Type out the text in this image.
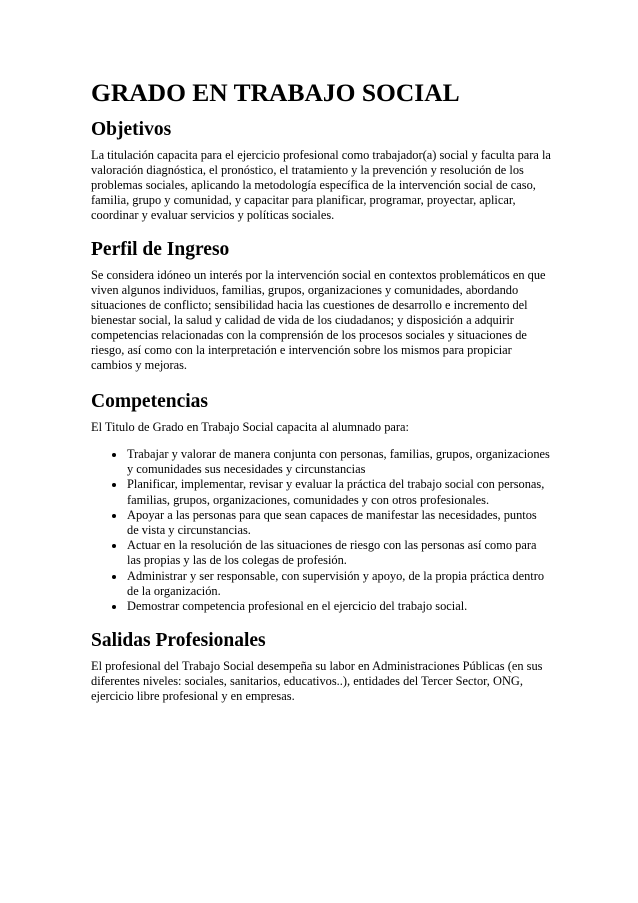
GRADO EN TRABAJO SOCIAL
Objetivos

La titulación capacita para el ejercicio profesional como trabajador(a) social y faculta para la valoración diagnóstica, el pronóstico, el tratamiento y la prevención y resolución de los problemas sociales, aplicando la metodología específica de la intervención social de caso, familia, grupo y comunidad, y capacitar para planificar, programar, proyectar, aplicar, coordinar y evaluar servicios y políticas sociales.

Perfil de Ingreso

Se considera idóneo un interés por la intervención social en contextos problemáticos en que viven algunos individuos, familias, grupos, organizaciones y comunidades, abordando situaciones de conflicto; sensibilidad hacia las cuestiones de desarrollo e incremento del bienestar social, la salud y calidad de vida de los ciudadanos; y disposición a adquirir competencias relacionadas con la comprensión de los procesos sociales y situaciones de riesgo, así como con la interpretación e intervención sobre los mismos para propiciar cambios y mejoras.

Competencias

El Titulo de Grado en Trabajo Social capacita al alumnado para:

Trabajar y valorar de manera conjunta con personas, familias, grupos, organizaciones y comunidades sus necesidades y circunstancias
Planificar, implementar, revisar y evaluar la práctica del trabajo social con personas, familias, grupos, organizaciones, comunidades y con otros profesionales.
Apoyar a las personas para que sean capaces de manifestar las necesidades, puntos de vista y circunstancias.
Actuar en la resolución de las situaciones de riesgo con las personas así como para las propias y las de los colegas de profesión.
Administrar y ser responsable, con supervisión y apoyo, de la propia práctica dentro de la organización.
Demostrar competencia profesional en el ejercicio del trabajo social.
Salidas Profesionales

El profesional del Trabajo Social desempeña su labor en Administraciones Públicas (en sus diferentes niveles: sociales, sanitarios, educativos..), entidades del Tercer Sector, ONG, ejercicio libre profesional y en empresas.
